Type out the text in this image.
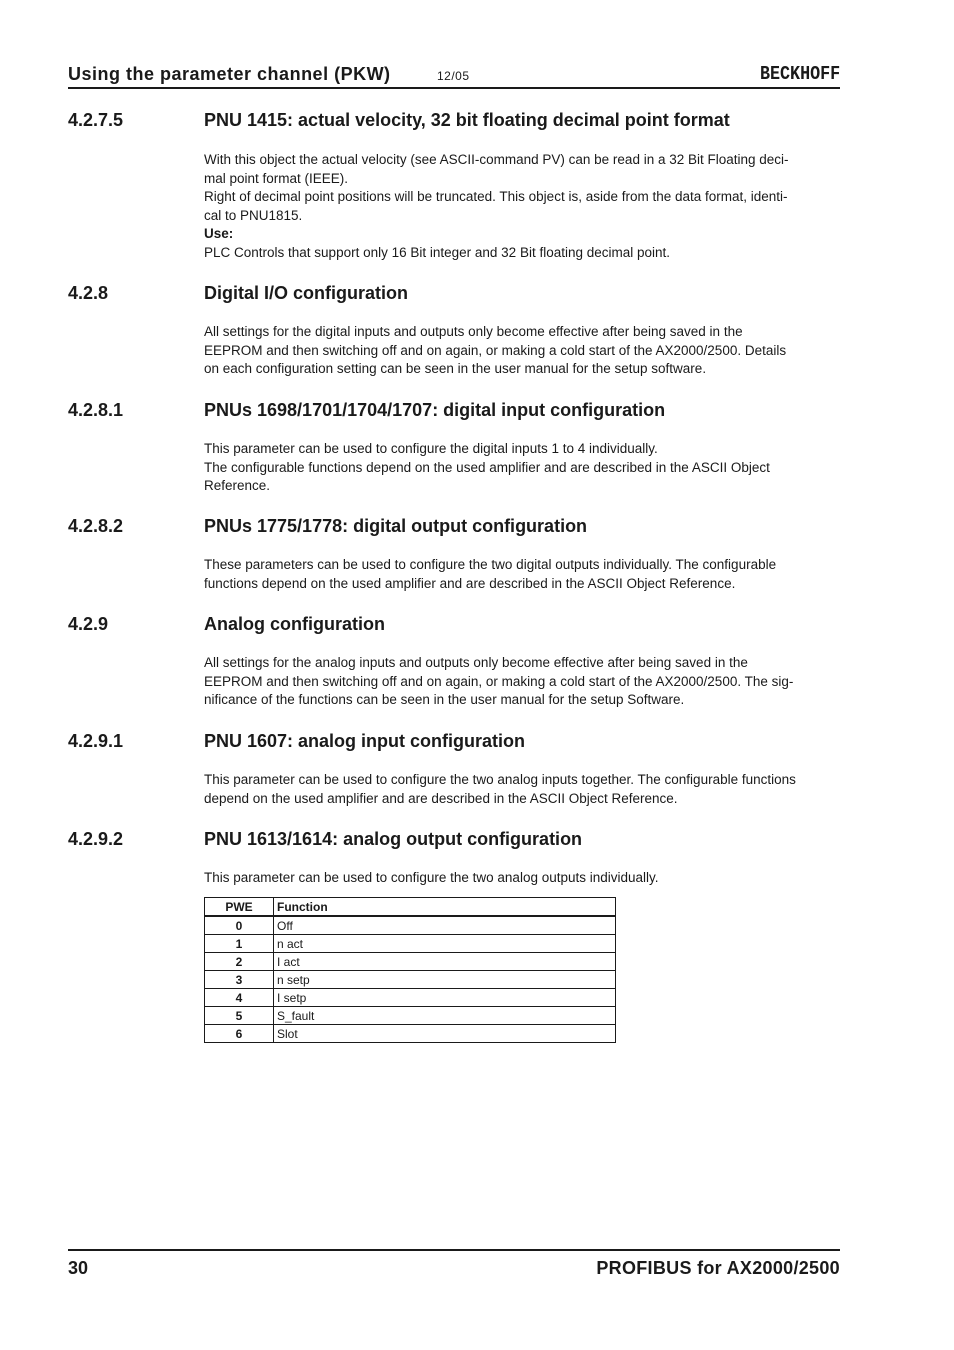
Using the parameter channel (PKW)	12/05	BECKHOFF
4.2.7.5	PNU 1415: actual velocity, 32 bit floating decimal point format

With this object the actual velocity (see ASCII-command PV) can be read in a 32 Bit Floating deci-
mal point format (IEEE).
Right of decimal point positions will be truncated. This object is, aside from the data format, identi-
cal to PNU1815.
Use:
PLC Controls that support only 16 Bit integer and 32 Bit floating decimal point.

4.2.8	Digital I/O configuration

All settings for the digital inputs and outputs only become effective after being saved in the
EEPROM and then switching off and on again, or making a cold start of the AX2000/2500. Details
on each configuration setting can be seen in the user manual for the setup software.

4.2.8.1	PNUs 1698/1701/1704/1707: digital input configuration

This parameter can be used to configure the digital inputs 1 to 4 individually.
The configurable functions depend on the used amplifier and are described in the ASCII Object
Reference.

4.2.8.2	PNUs 1775/1778: digital output configuration

These parameters can be used to configure the two digital outputs individually. The configurable
functions depend on the used amplifier and are described in the ASCII Object Reference.

4.2.9	Analog configuration

All settings for the analog inputs and outputs only become effective after being saved in the
EEPROM and then switching off and on again, or making a cold start of the AX2000/2500. The sig-
nificance of the functions can be seen in the user manual for the setup Software.

4.2.9.1	PNU 1607: analog input configuration

This parameter can be used to configure the two analog inputs together. The configurable functions
depend on the used amplifier and are described in the ASCII Object Reference.

4.2.9.2	PNU 1613/1614: analog output configuration

This parameter can be used to configure the two analog outputs individually.

PWE	Function
0	Off
1	n act
2	I act
3	n setp
4	I setp
5	S_fault
6	Slot
30	PROFIBUS for AX2000/2500
